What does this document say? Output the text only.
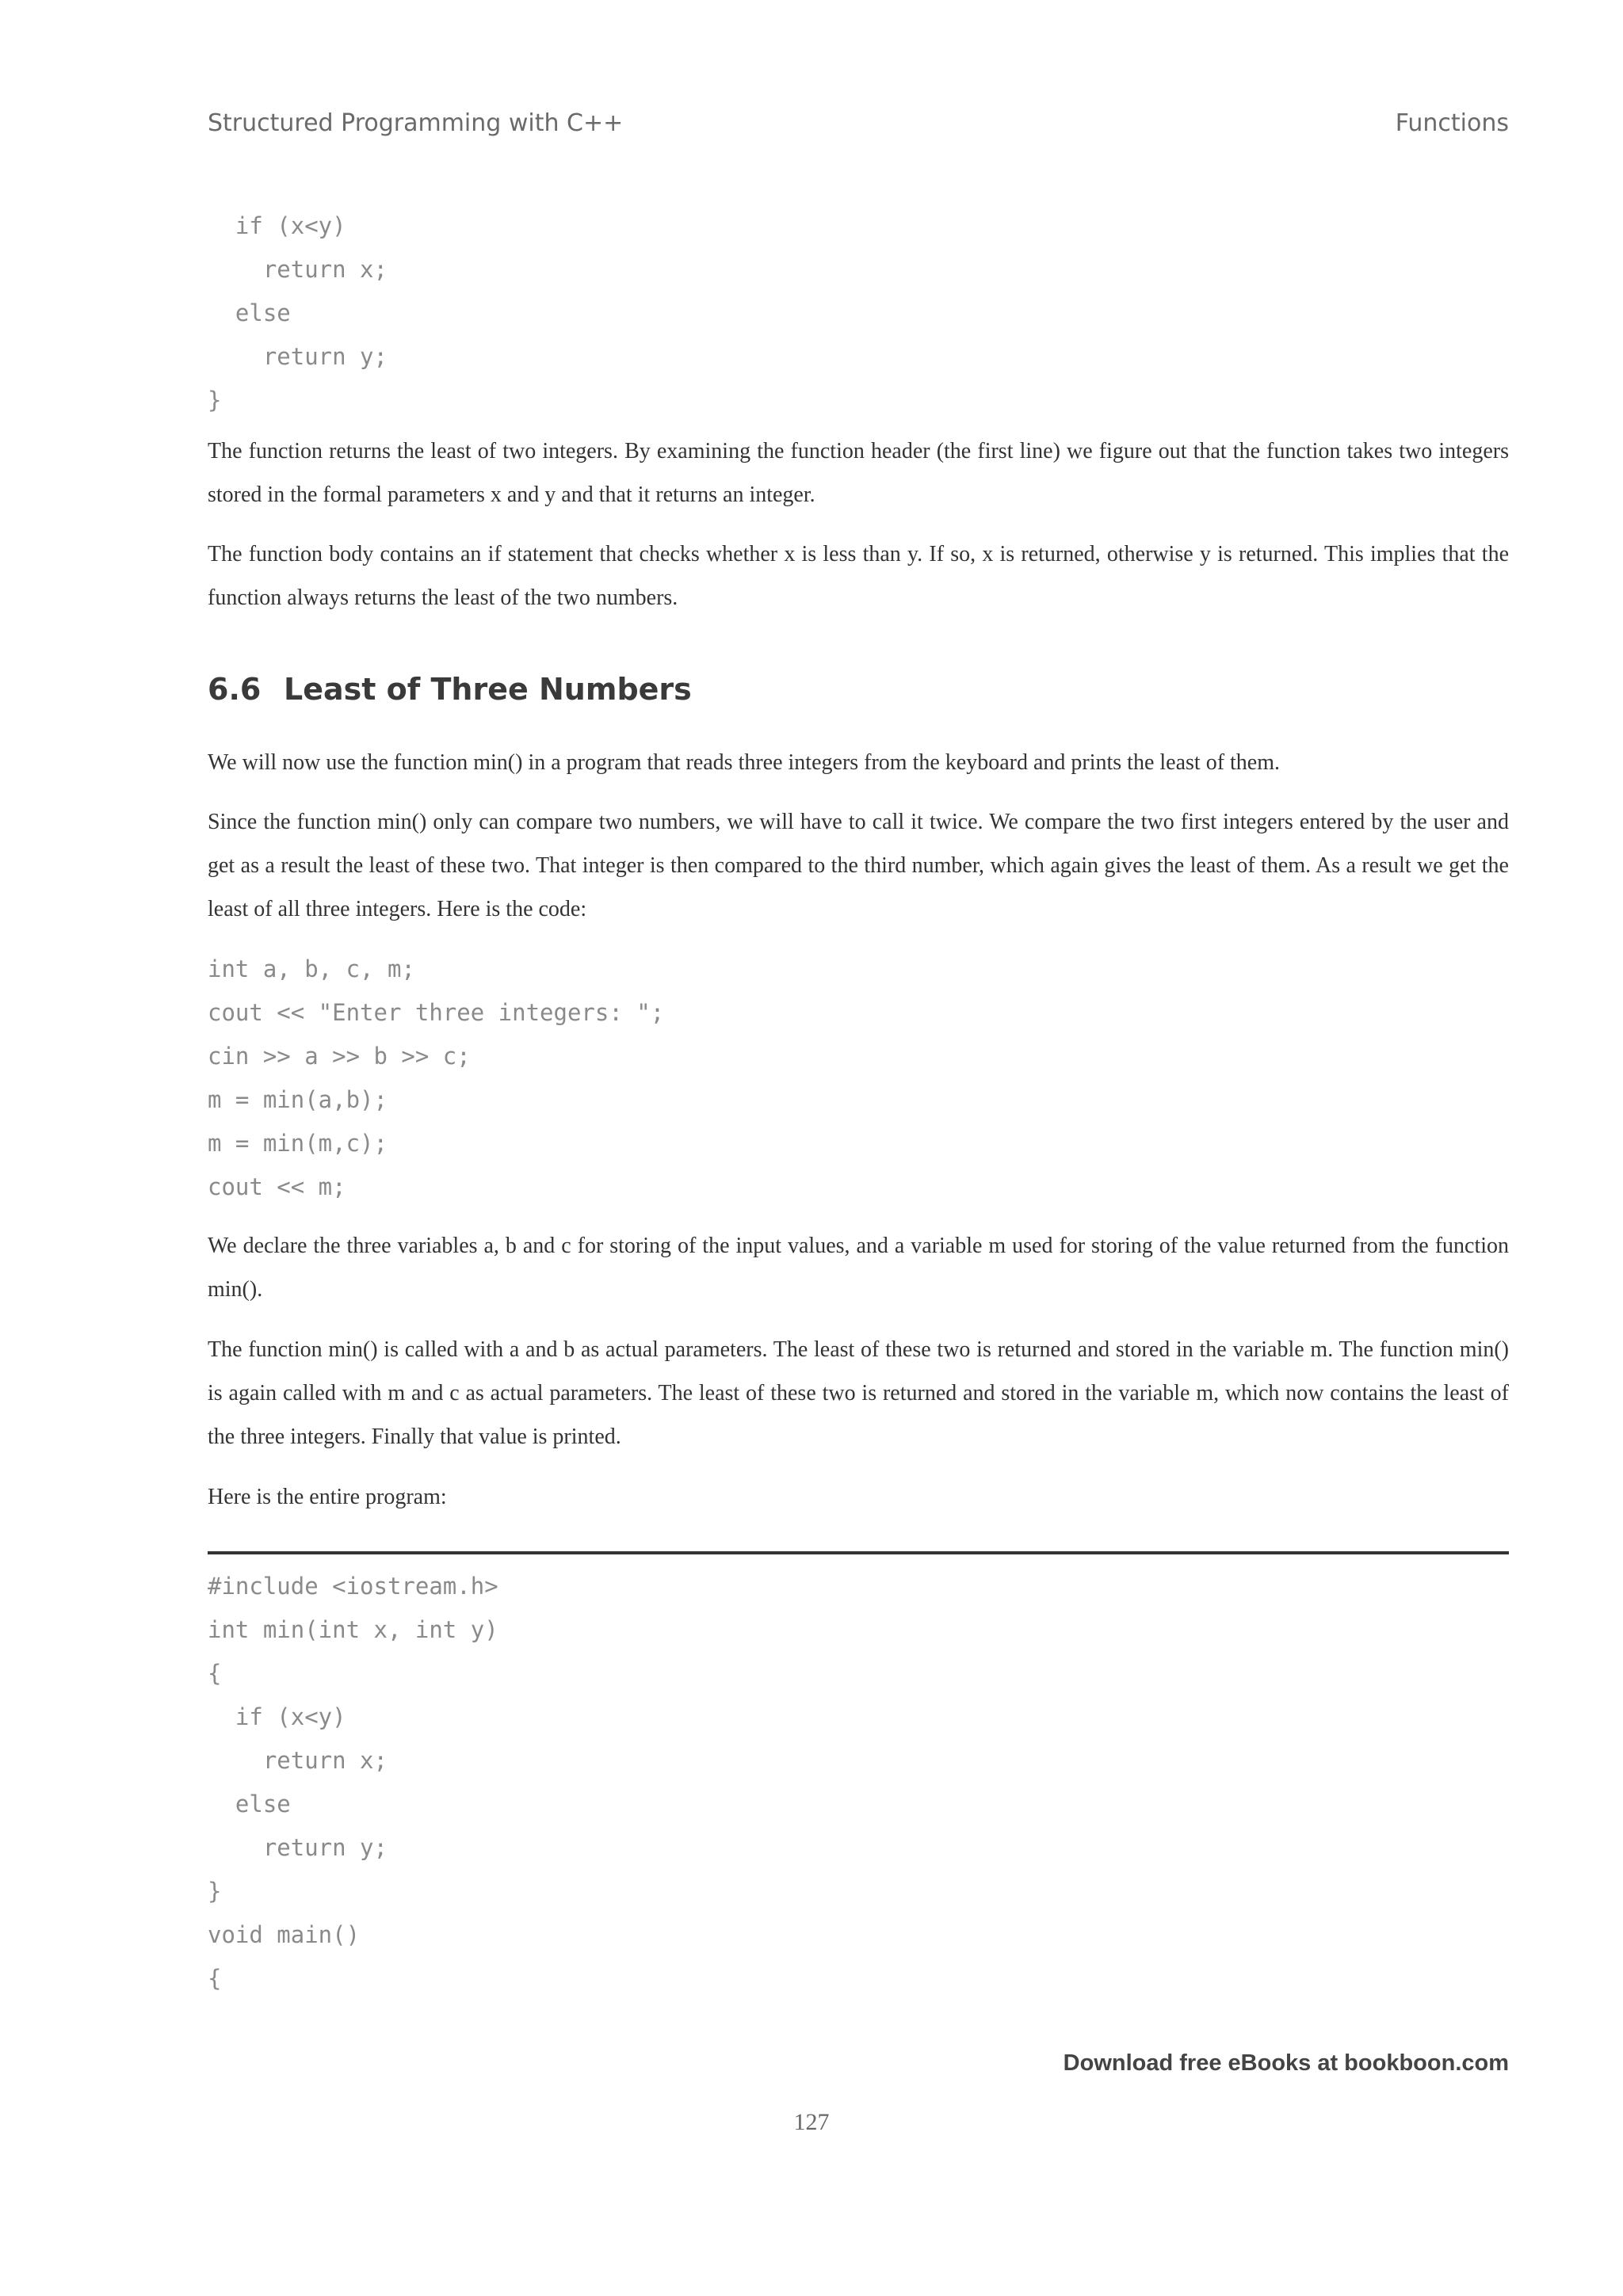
Structured Programming with C++	Functions
if (x<y)
return x;
else
return y;
}

The function returns the least of two integers. By examining the function header (the first line) we figure out that the function takes two integers stored in the formal parameters x and y and that it returns an integer.

The function body contains an if statement that checks whether x is less than y. If so, x is returned, otherwise y is returned. This implies that the function always returns the least of the two numbers.

6.6 Least of Three Numbers

We will now use the function min() in a program that reads three integers from the keyboard and prints the least of them.

Since the function min() only can compare two numbers, we will have to call it twice. We compare the two first integers entered by the user and get as a result the least of these two. That integer is then compared to the third number, which again gives the least of them. As a result we get the least of all three integers. Here is the code:

int a, b, c, m;
cout << "Enter three integers: ";
cin >> a >> b >> c;
m = min(a,b);
m = min(m,c);
cout << m;

We declare the three variables a, b and c for storing of the input values, and a variable m used for storing of the value returned from the function min().

The function min() is called with a and b as actual parameters. The least of these two is returned and stored in the variable m. The function min() is again called with m and c as actual parameters. The least of these two is returned and stored in the variable m, which now contains the least of the three integers. Finally that value is printed.

Here is the entire program:

#include <iostream.h>
int min(int x, int y)
{
if (x<y)
return x;
else
return y;
}
void main()
{
Download free eBooks at bookboon.com
127
